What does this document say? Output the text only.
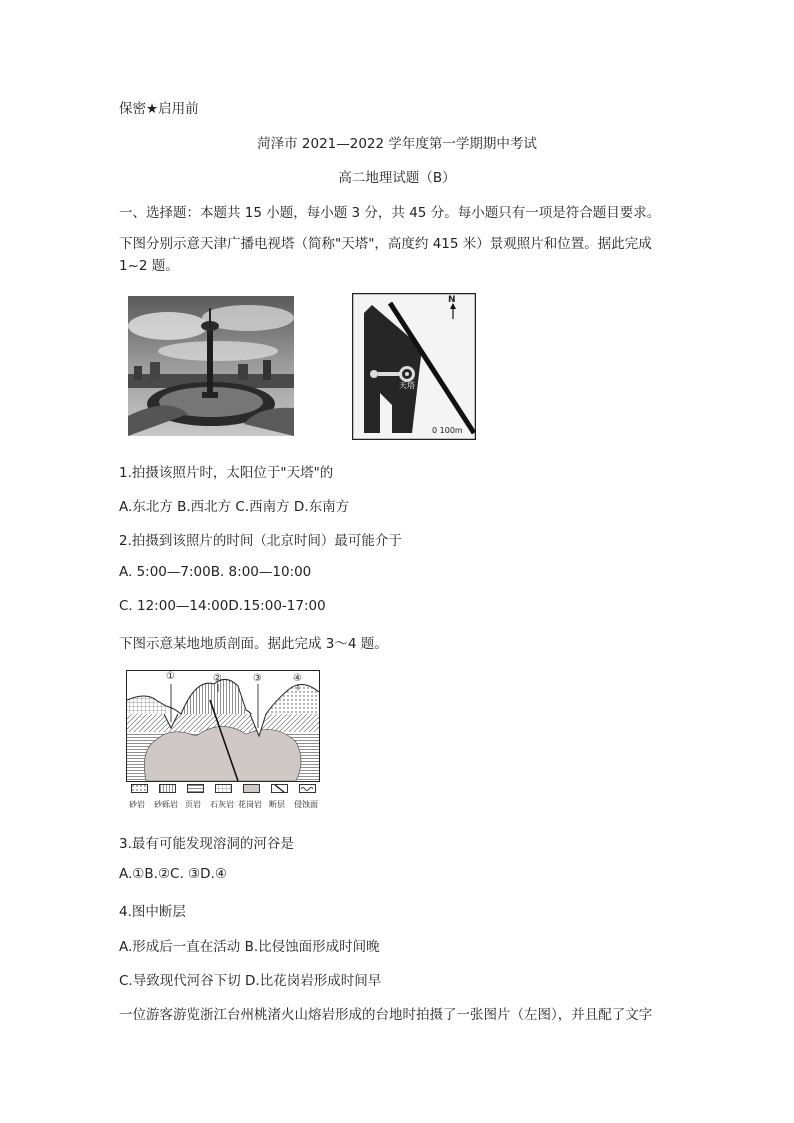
保密★启用前
菏泽市 2021—2022 学年度第一学期期中考试
高二地理试题（B）
一、选择题：本题共 15 小题，每小题 3 分，共 45 分。每小题只有一项是符合题目要求。
下图分别示意天津广播电视塔（简称"天塔"，高度约 415 米）景观照片和位置。据此完成 1~2 题。
N
天塔
0 100m
1.拍摄该照片时，太阳位于"天塔"的
A.东北方 B.西北方 C.西南方 D.东南方
2.拍摄到该照片的时间（北京时间）最可能介于
A. 5:00—7:00B. 8:00—10:00
C. 12:00—14:00D.15:00-17:00
下图示意某地地质剖面。据此完成 3～4 题。
①	②	③	④
砂岩	砂砾岩 页岩	石灰岩 花岗岩 断层	侵蚀面
3.最有可能发现溶洞的河谷是
A.①B.②C. ③D.④
4.图中断层
A.形成后一直在活动 B.比侵蚀面形成时间晚
C.导致现代河谷下切 D.比花岗岩形成时间早
一位游客游览浙江台州桃渚火山熔岩形成的台地时拍摄了一张图片（左图），并且配了文字
